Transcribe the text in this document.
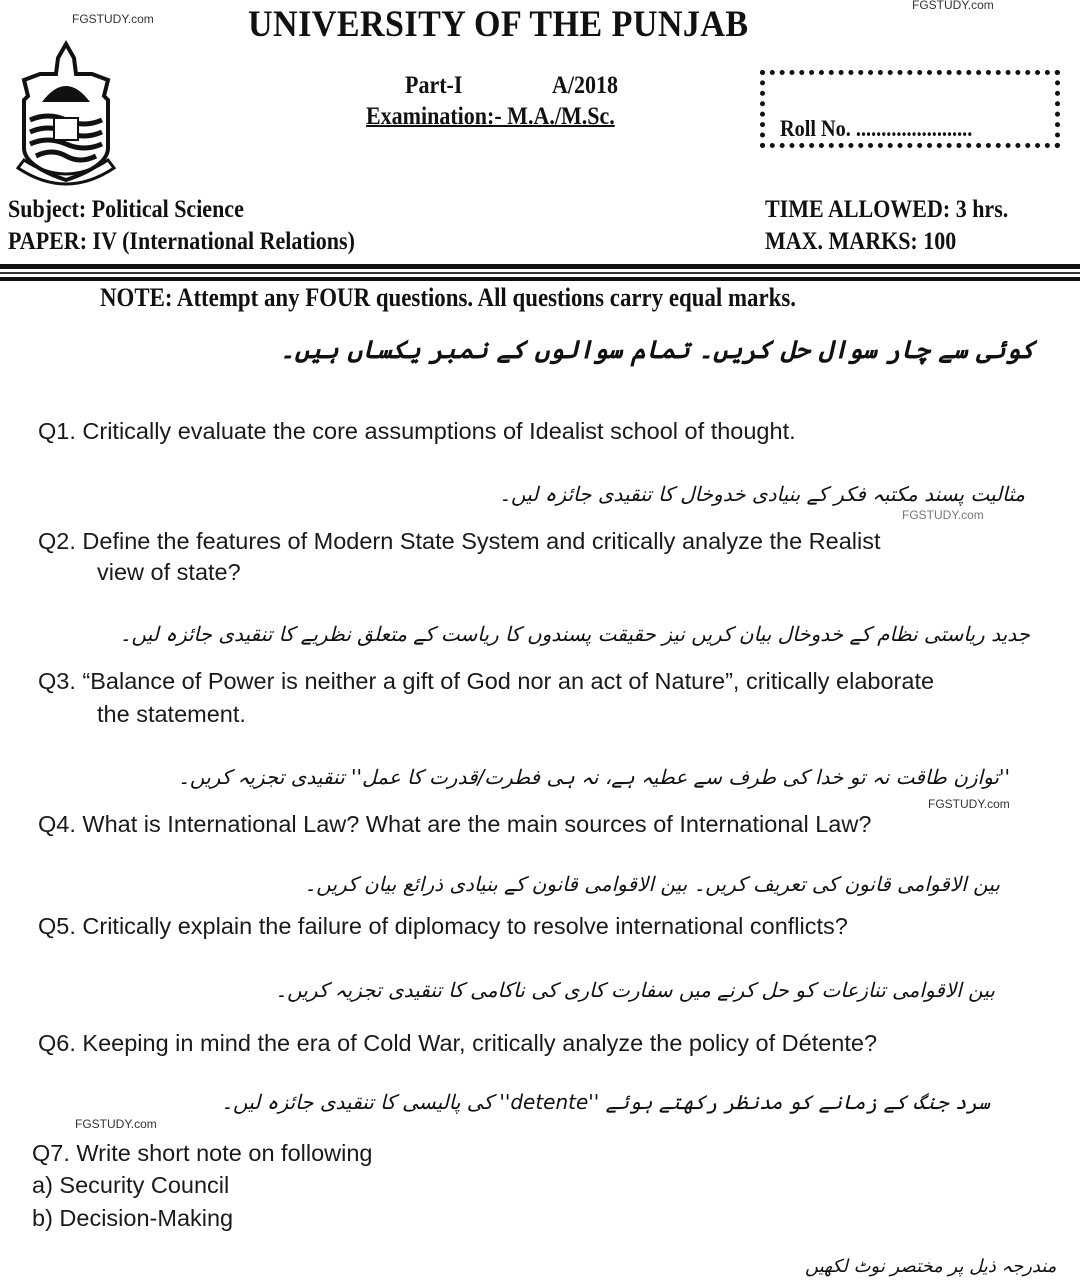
FGSTUDY.com
FGSTUDY.com
FGSTUDY.com
FGSTUDY.com
FGSTUDY.com
UNIVERSITY OF THE PUNJAB
Part-I	A/2018
Examination:- M.A./M.Sc.	Roll No. .......................
Subject: Political Science
PAPER: IV (International Relations)
TIME ALLOWED: 3 hrs.
MAX. MARKS: 100
NOTE: Attempt any FOUR questions. All questions carry equal marks.
کوئی سے چار سوال حل کریں۔ تمام سوالوں کے نمبر یکساں ہیں۔
Q1. Critically evaluate the core assumptions of Idealist school of thought.
مثالیت پسند مکتبہ فکر کے بنیادی خدوخال کا تنقیدی جائزہ لیں۔
Q2. Define the features of Modern State System and critically analyze the Realist
view of state?
جدید ریاستی نظام کے خدوخال بیان کریں نیز حقیقت پسندوں کا ریاست کے متعلق نظریے کا تنقیدی جائزہ لیں۔
Q3. “Balance of Power is neither a gift of God nor an act of Nature”, critically elaborate
the statement.
''توازن طاقت نہ تو خدا کی طرف سے عطیہ ہے، نہ ہی فطرت/قدرت کا عمل'' تنقیدی تجزیہ کریں۔
Q4. What is International Law? What are the main sources of International Law?
بین الاقوامی قانون کی تعریف کریں۔ بین الاقوامی قانون کے بنیادی ذرائع بیان کریں۔
Q5. Critically explain the failure of diplomacy to resolve international conflicts?
بین الاقوامی تنازعات کو حل کرنے میں سفارت کاری کی ناکامی کا تنقیدی تجزیہ کریں۔
Q6. Keeping in mind the era of Cold War, critically analyze the policy of Détente?
سرد جنگ کے زمانے کو مدنظر رکھتے ہوئے ''detente'' کی پالیسی کا تنقیدی جائزہ لیں۔
Q7. Write short note on following
a) Security Council
b) Decision-Making
مندرجہ ذیل پر مختصر نوٹ لکھیں
